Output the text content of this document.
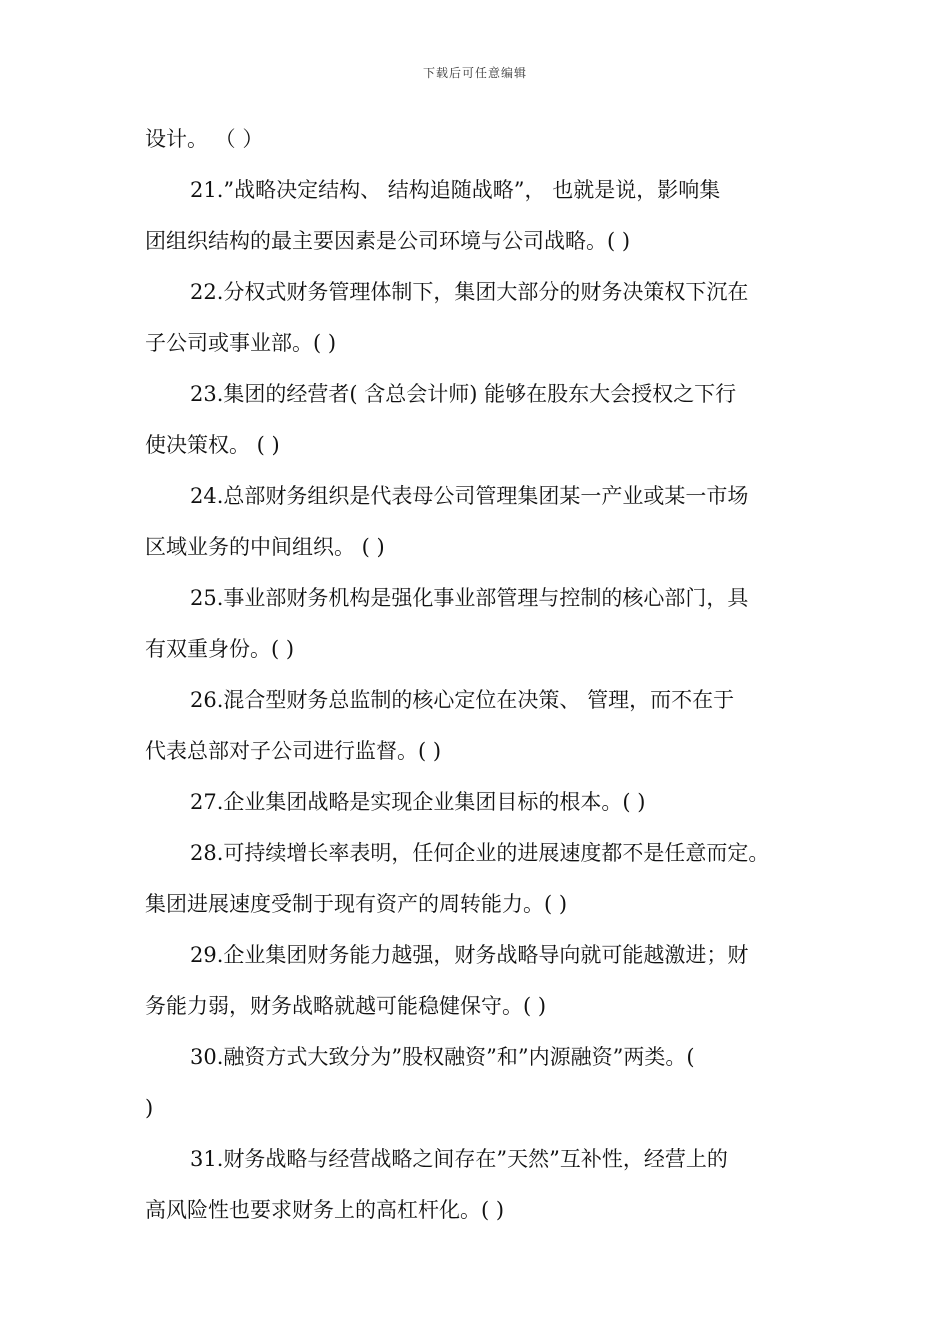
下载后可任意编辑
设计。 （ ）
21.”战略决定结构、 结构追随战略”， 也就是说，影响集
团组织结构的最主要因素是公司环境与公司战略。( )
22.分权式财务管理体制下，集团大部分的财务决策权下沉在
子公司或事业部。( )
23.集团的经营者( 含总会计师) 能够在股东大会授权之下行
使决策权。 ( )
24.总部财务组织是代表母公司管理集团某一产业或某一市场
区域业务的中间组织。 ( )
25.事业部财务机构是强化事业部管理与控制的核心部门，具
有双重身份。( )
26.混合型财务总监制的核心定位在决策、 管理，而不在于
代表总部对子公司进行监督。( )
27.企业集团战略是实现企业集团目标的根本。( )
28.可持续增长率表明，任何企业的进展速度都不是任意而定。
集团进展速度受制于现有资产的周转能力。( )
29.企业集团财务能力越强，财务战略导向就可能越激进；财
务能力弱，财务战略就越可能稳健保守。( )
30.融资方式大致分为”股权融资”和”内源融资”两类。(
)
31.财务战略与经营战略之间存在”天然”互补性，经营上的
高风险性也要求财务上的高杠杆化。( )
